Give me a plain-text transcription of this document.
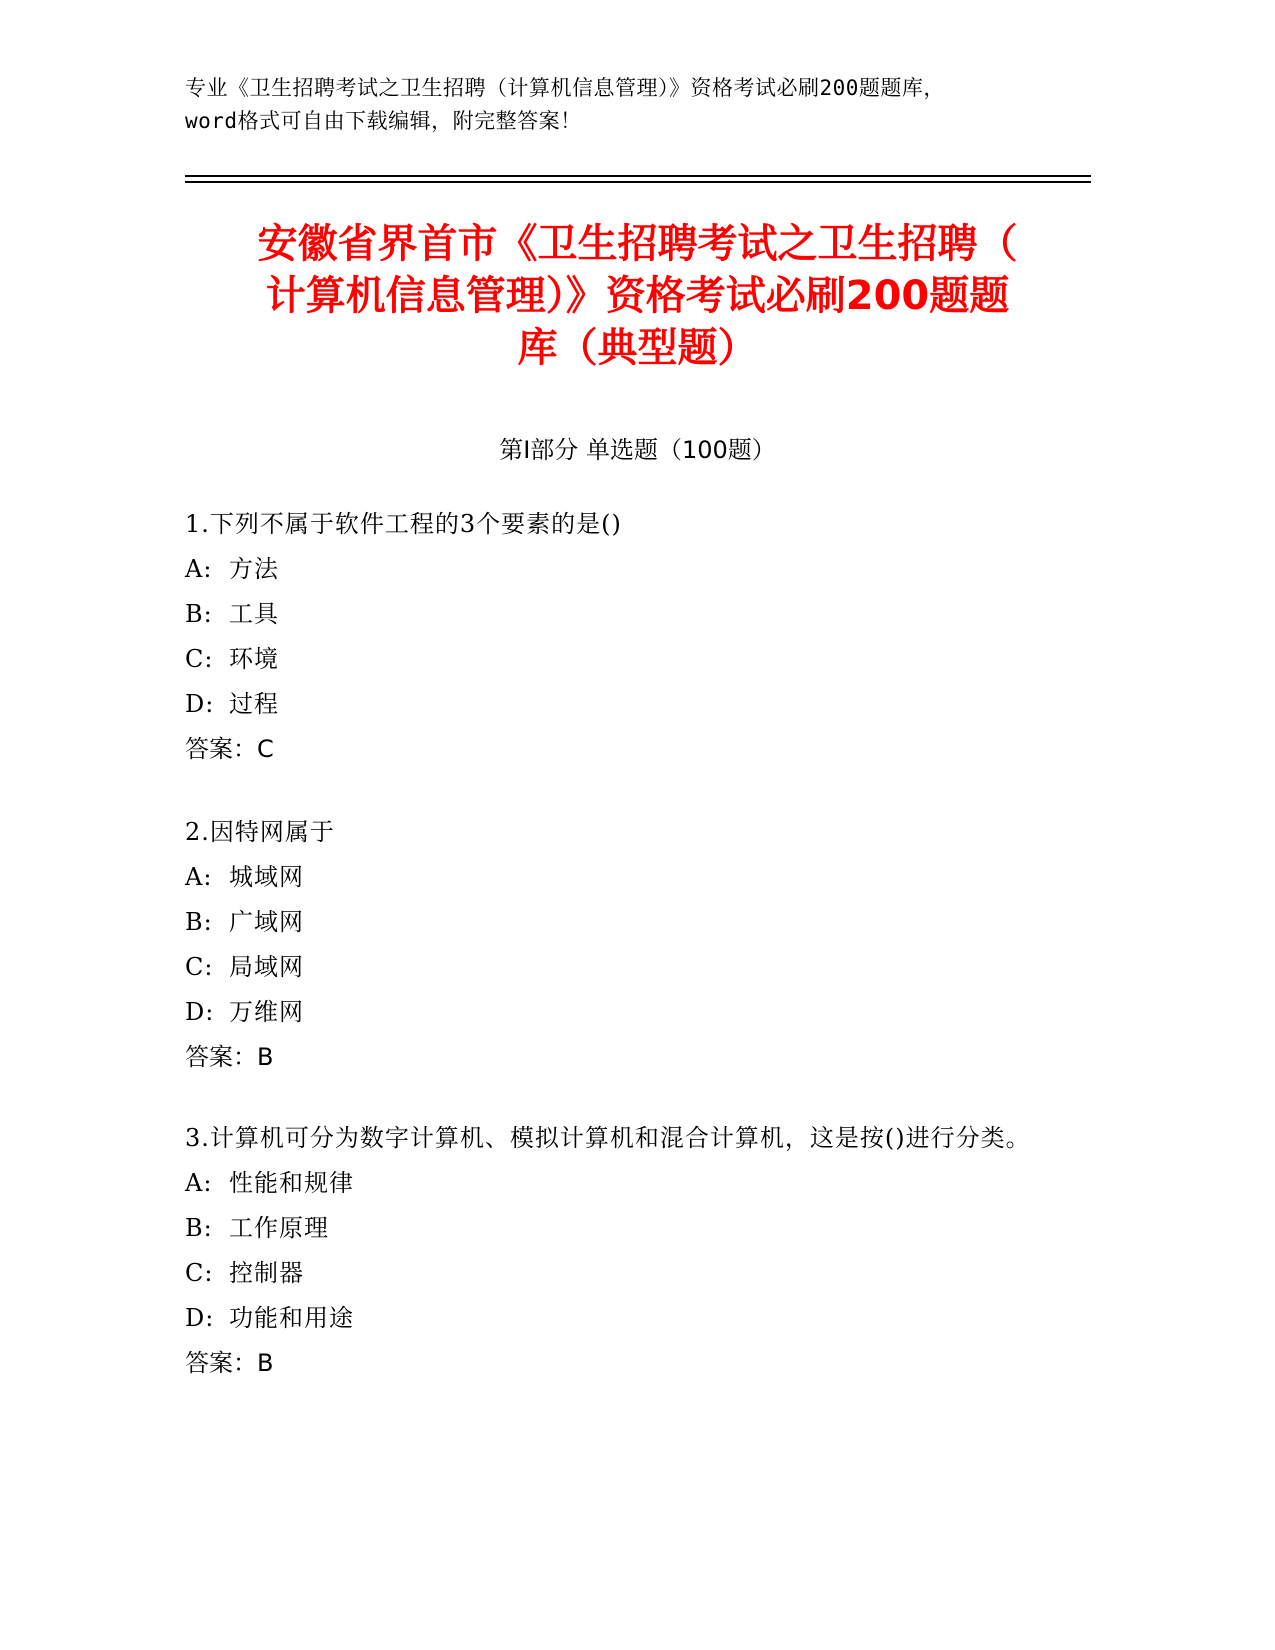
专业《卫生招聘考试之卫生招聘（计算机信息管理）》资格考试必刷200题题库，
word格式可自由下载编辑，附完整答案！
安徽省界首市《卫生招聘考试之卫生招聘（
计算机信息管理）》资格考试必刷200题题
库（典型题）
第Ⅰ部分 单选题（100题）
1.下列不属于软件工程的3个要素的是()
A: 方法
B: 工具
C: 环境
D: 过程
答案：C
2.因特网属于
A: 城域网
B: 广域网
C: 局域网
D: 万维网
答案：B
3.计算机可分为数字计算机、模拟计算机和混合计算机，这是按()进行分类。
A: 性能和规律
B: 工作原理
C: 控制器
D: 功能和用途
答案：B
